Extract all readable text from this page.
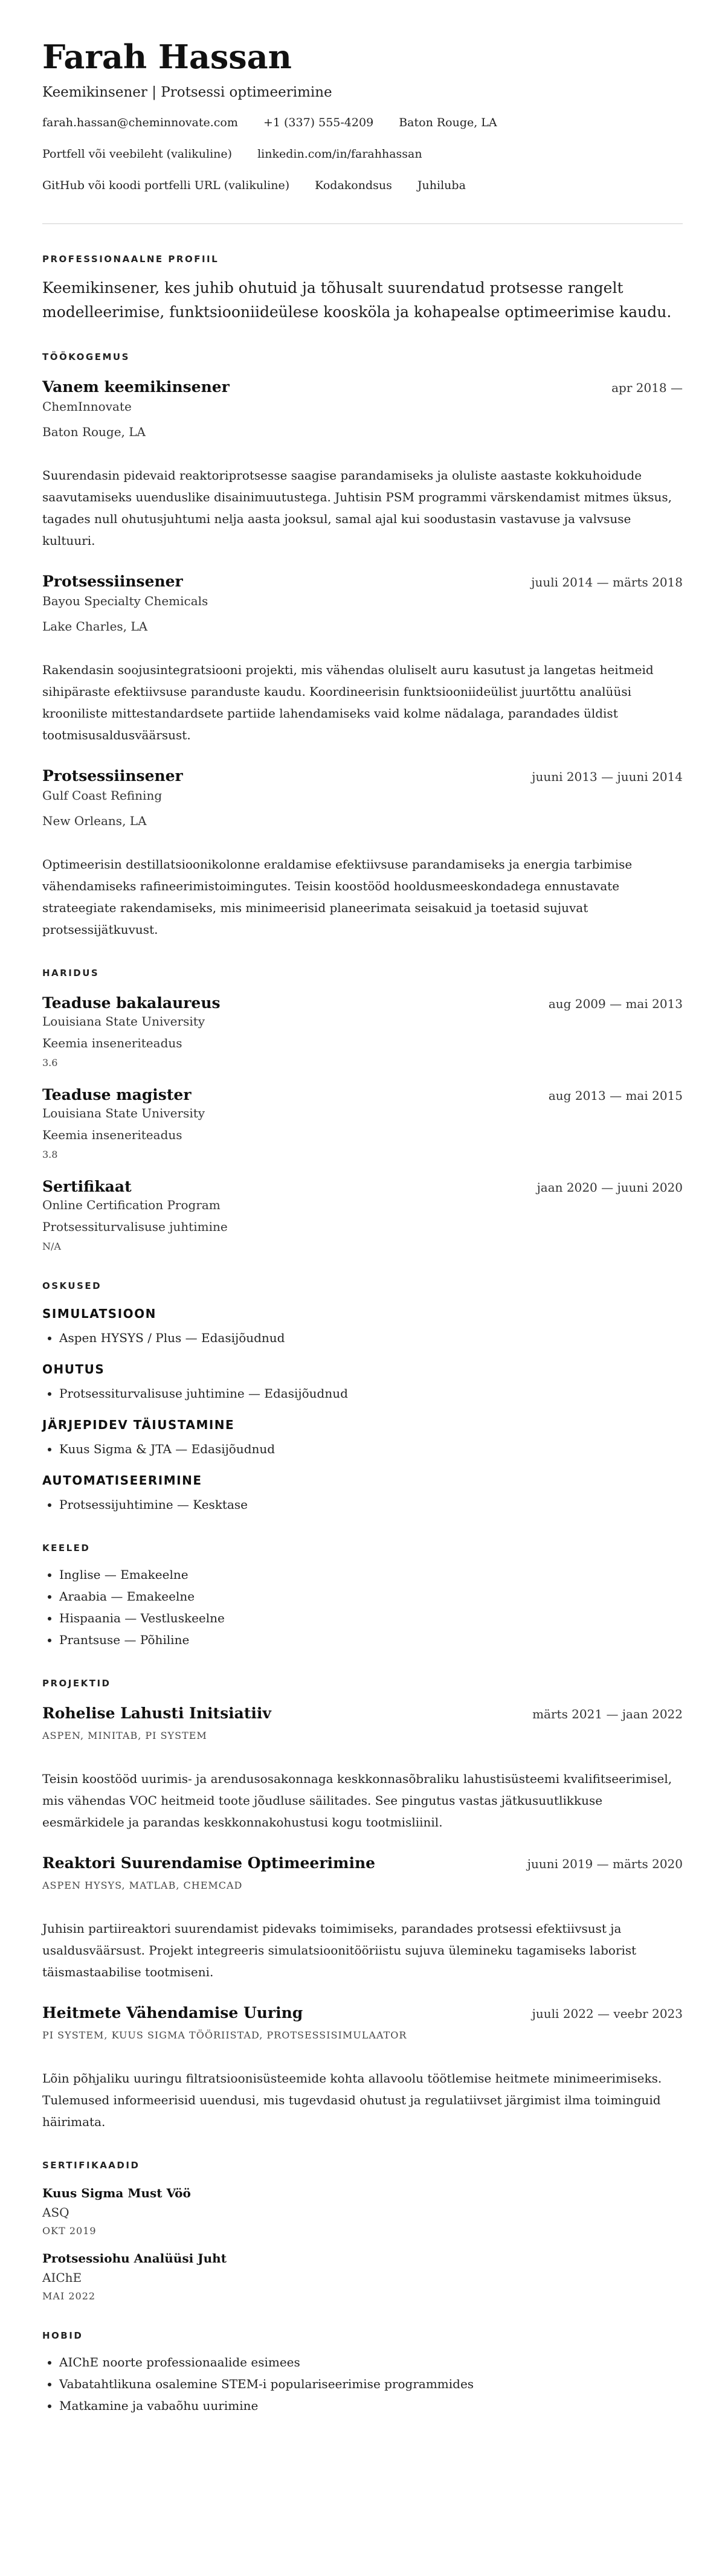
Farah Hassan
Keemikinsener | Protsessi optimeerimine
farah.hassan@cheminnovate.com +1 (337) 555-4209 Baton Rouge, LA
Portfell või veebileht (valikuline) linkedin.com/in/farahhassan
GitHub või koodi portfelli URL (valikuline) Kodakondsus Juhiluba
PROFESSIONAALNE PROFIIL
Keemikinsener, kes juhib ohutuid ja tõhusalt suurendatud protsesse rangelt modelleerimise, funktsiooniideülese koosköla ja kohapealse optimeerimise kaudu.
TÖÖKOGEMUS
Vanem keemikinsener	apr 2018 —
ChemInnovate
Baton Rouge, LA
Suurendasin pidevaid reaktoriprotsesse saagise parandamiseks ja oluliste aastaste kokkuhoidude saavutamiseks uuenduslike disainimuutustega. Juhtisin PSM programmi värskendamist mitmes üksus, tagades null ohutusjuhtumi nelja aasta jooksul, samal ajal kui soodustasin vastavuse ja valvsuse kultuuri.
Protsessiinsener	juuli 2014 — märts 2018
Bayou Specialty Chemicals
Lake Charles, LA
Rakendasin soojusintegratsiooni projekti, mis vähendas oluliselt auru kasutust ja langetas heitmeid sihipäraste efektiivsuse paranduste kaudu. Koordineerisin funktsiooniideülist juurtõttu analüüsi krooniliste mittestandardsete partiide lahendamiseks vaid kolme nädalaga, parandades üldist tootmisusaldusväärsust.
Protsessiinsener	juuni 2013 — juuni 2014
Gulf Coast Refining
New Orleans, LA
Optimeerisin destillatsioonikolonne eraldamise efektiivsuse parandamiseks ja energia tarbimise vähendamiseks rafineerimistoimingutes. Teisin koostööd hooldusmeeskondadega ennustavate strateegiate rakendamiseks, mis minimeerisid planeerimata seisakuid ja toetasid sujuvat protsessijätkuvust.
HARIDUS
Teaduse bakalaureus	aug 2009 — mai 2013
Louisiana State University
Keemia inseneriteadus
3.6
Teaduse magister	aug 2013 — mai 2015
Louisiana State University
Keemia inseneriteadus
3.8
Sertifikaat	jaan 2020 — juuni 2020
Online Certification Program
Protsessiturvalisuse juhtimine
N/A
OSKUSED
SIMULATSIOON
• Aspen HYSYS / Plus — Edasijõudnud
OHUTUS
• Protsessiturvalisuse juhtimine — Edasijõudnud
JÄRJEPIDEV TÄIUSTAMINE
• Kuus Sigma & JTA — Edasijõudnud
AUTOMATISEERIMINE
• Protsessijuhtimine — Kesktase
KEELED
• Inglise — Emakeelne
• Araabia — Emakeelne
• Hispaania — Vestluskeelne
• Prantsuse — Põhiline
PROJEKTID
Rohelise Lahusti Initsiatiiv	märts 2021 — jaan 2022
ASPEN, MINITAB, PI SYSTEM
Teisin koostööd uurimis- ja arendusosakonnaga keskkonnasõbraliku lahustisüsteemi kvalifitseerimisel, mis vähendas VOC heitmeid toote jõudluse säilitades. See pingutus vastas jätkusuutlikkuse eesmärkidele ja parandas keskkonnakohustusi kogu tootmisliinil.
Reaktori Suurendamise Optimeerimine	juuni 2019 — märts 2020
ASPEN HYSYS, MATLAB, CHEMCAD
Juhisin partiireaktori suurendamist pidevaks toimimiseks, parandades protsessi efektiivsust ja usaldusväärsust. Projekt integreeris simulatsioonitööriistu sujuva ülemineku tagamiseks laborist täismastaabilise tootmiseni.
Heitmete Vähendamise Uuring	juuli 2022 — veebr 2023
PI SYSTEM, KUUS SIGMA TÖÖRIISTAD, PROTSESSISIMULAATOR
Lõin põhjaliku uuringu filtratsioonisüsteemide kohta allavoolu töötlemise heitmete minimeerimiseks. Tulemused informeerisid uuendusi, mis tugevdasid ohutust ja regulatiivset järgimist ilma toiminguid häirimata.
SERTIFIKAADID
Kuus Sigma Must Vöö
ASQ
OKT 2019
Protsessiohu Analüüsi Juht
AIChE
MAI 2022
HOBID
• AIChE noorte professionaalide esimees
• Vabatahtlikuna osalemine STEM-i populariseerimise programmides
• Matkamine ja vabaõhu uurimine
